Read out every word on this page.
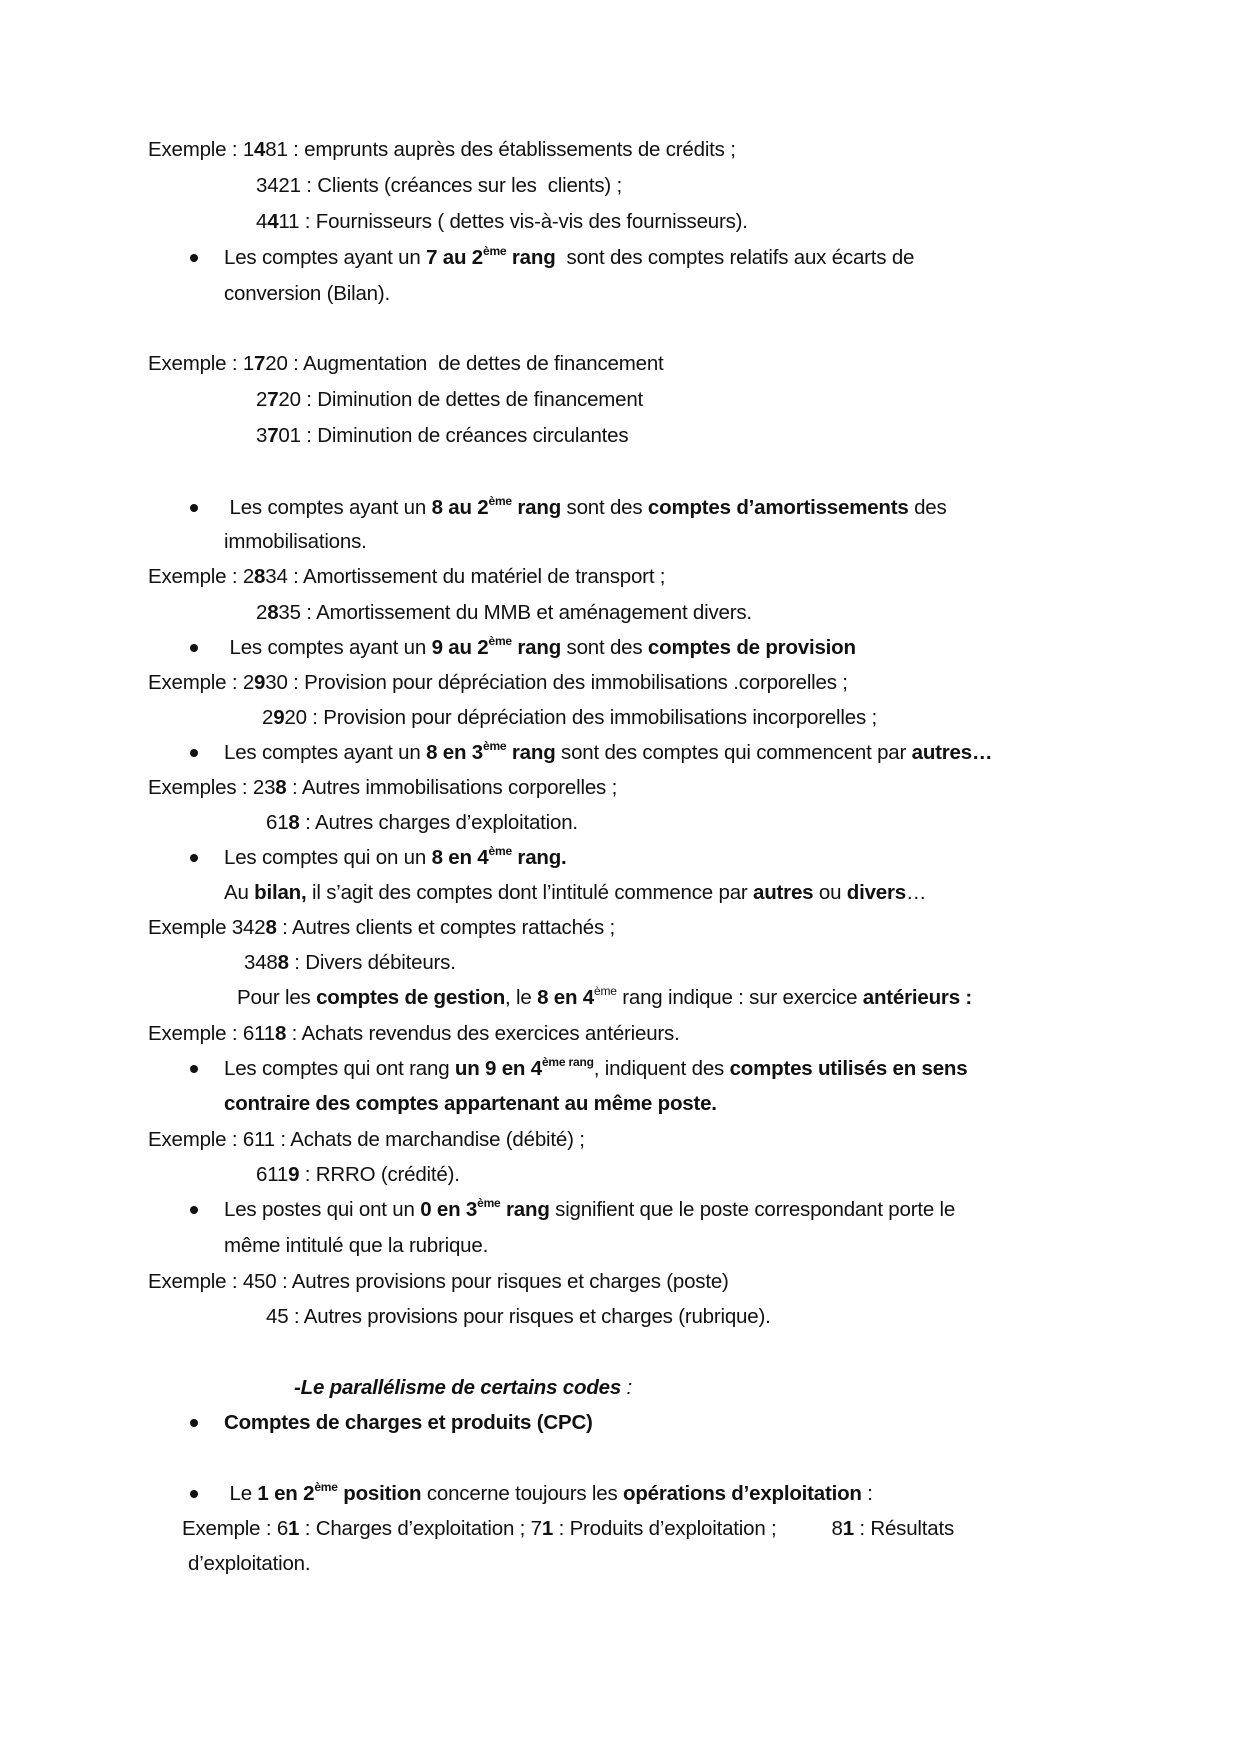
Exemple : 1481 : emprunts auprès des établissements de crédits ;
3421 : Clients (créances sur les  clients) ;
4411 : Fournisseurs ( dettes vis-à-vis des fournisseurs).
Les comptes ayant un 7 au 2ème rang  sont des comptes relatifs aux écarts de
conversion (Bilan).
Exemple : 1720 : Augmentation  de dettes de financement
2720 : Diminution de dettes de financement
3701 : Diminution de créances circulantes
Les comptes ayant un 8 au 2ème rang sont des comptes d’amortissements des
immobilisations.
Exemple : 2834 : Amortissement du matériel de transport ;
2835 : Amortissement du MMB et aménagement divers.
Les comptes ayant un 9 au 2ème rang sont des comptes de provision
Exemple : 2930 : Provision pour dépréciation des immobilisations .corporelles ;
2920 : Provision pour dépréciation des immobilisations incorporelles ;
Les comptes ayant un 8 en 3ème rang sont des comptes qui commencent par autres…
Exemples : 238 : Autres immobilisations corporelles ;
618 : Autres charges d’exploitation.
Les comptes qui on un 8 en 4ème rang.
Au bilan, il s’agit des comptes dont l’intitulé commence par autres ou divers…
Exemple 3428 : Autres clients et comptes rattachés ;
3488 : Divers débiteurs.
Pour les comptes de gestion, le 8 en 4ème rang indique : sur exercice antérieurs :
Exemple : 6118 : Achats revendus des exercices antérieurs.
Les comptes qui ont rang un 9 en $4^{ème rang}$, indiquent des comptes utilisés en sens
contraire des comptes appartenant au même poste.
Exemple : 611 : Achats de marchandise (débité) ;
6119 : RRRO (crédité).
Les postes qui ont un 0 en 3ème rang signifient que le poste correspondant porte le
même intitulé que la rubrique.
Exemple : 450 : Autres provisions pour risques et charges (poste)
45 : Autres provisions pour risques et charges (rubrique).
-Le parallélisme de certains codes :
Comptes de charges et produits (CPC)
Le 1 en 2ème position concerne toujours les opérations d’exploitation :
Exemple : 61 : Charges d’exploitation ; 71 : Produits d’exploitation ;          81 : Résultats
d’exploitation.
